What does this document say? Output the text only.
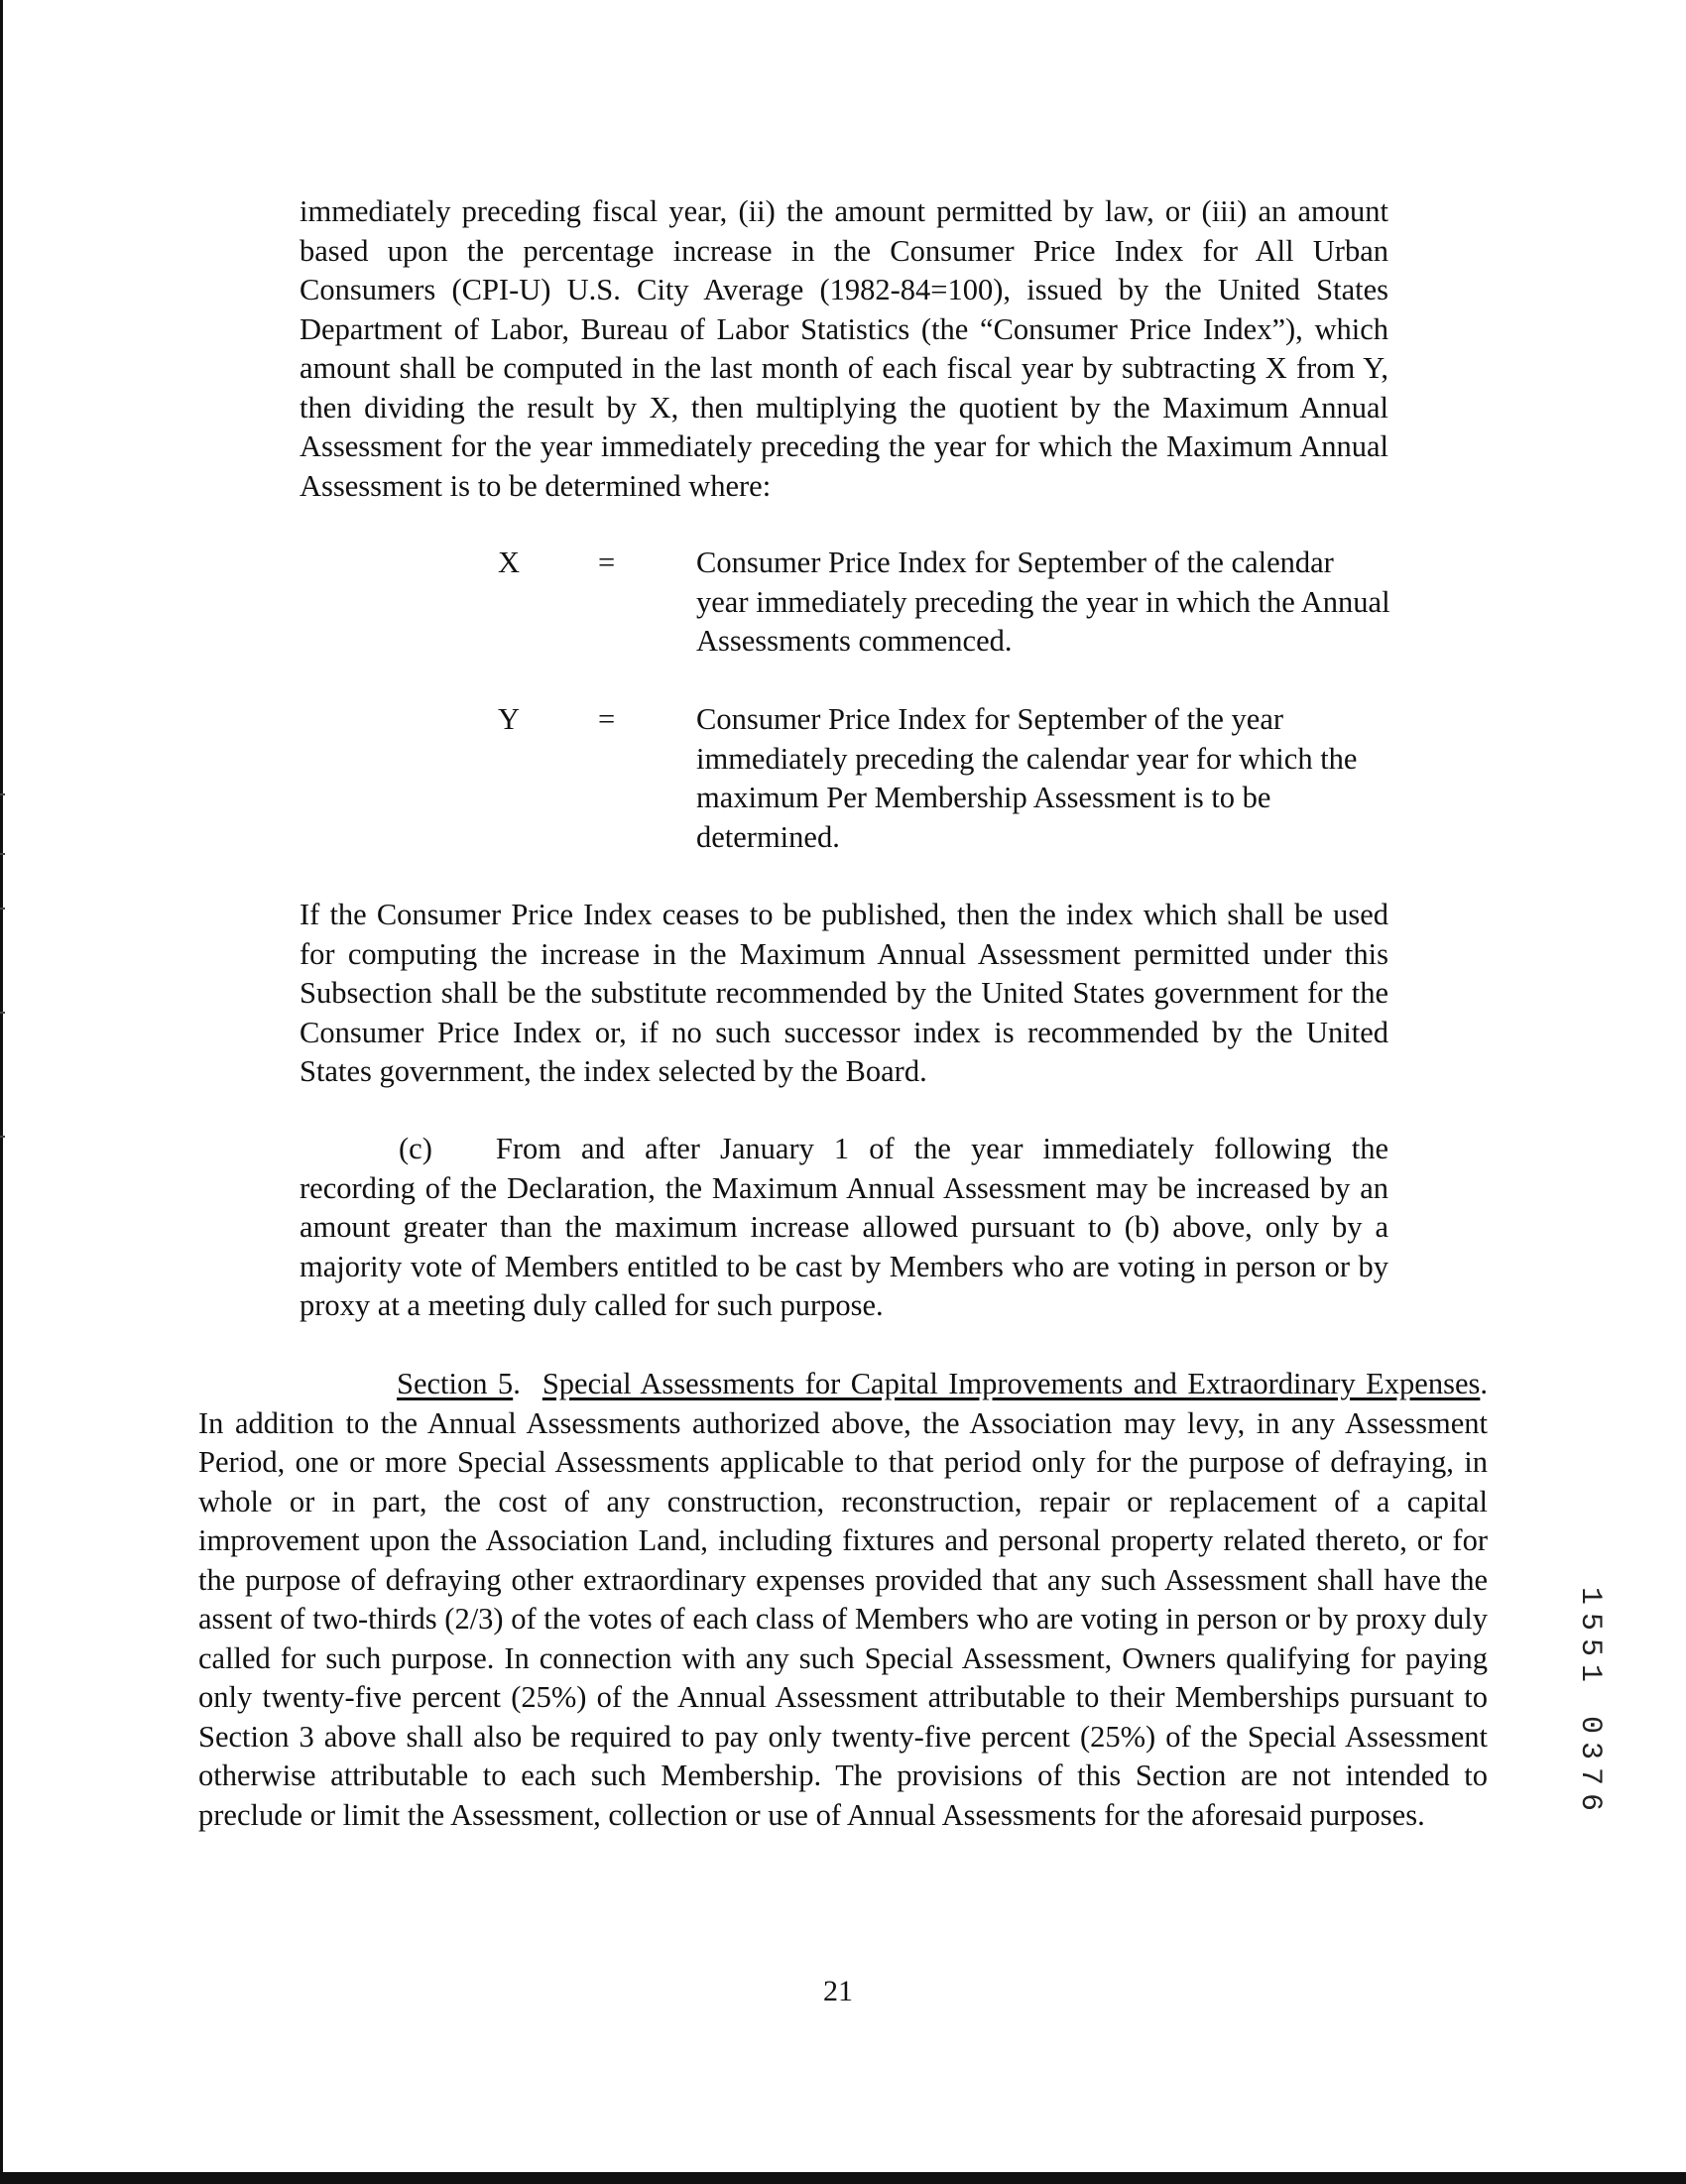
immediately preceding fiscal year, (ii) the amount permitted by law, or (iii) an amount based upon the percentage increase in the Consumer Price Index for All Urban Consumers (CPI-U) U.S. City Average (1982-84=100), issued by the United States Department of Labor, Bureau of Labor Statistics (the “Consumer Price Index”), which amount shall be computed in the last month of each fiscal year by subtracting X from Y, then dividing the result by X, then multiplying the quotient by the Maximum Annual Assessment for the year immediately preceding the year for which the Maximum Annual Assessment is to be determined where:

X	=	Consumer Price Index for September of the calendar year immediately preceding the year in which the Annual Assessments commenced.
Y	=	Consumer Price Index for September of the year immediately preceding the calendar year for which the maximum Per Membership Assessment is to be determined.

If the Consumer Price Index ceases to be published, then the index which shall be used for computing the increase in the Maximum Annual Assessment permitted under this Subsection shall be the substitute recommended by the United States government for the Consumer Price Index or, if no such successor index is recommended by the United States government, the index selected by the Board.

(c) From and after January 1 of the year immediately following the recording of the Declaration, the Maximum Annual Assessment may be increased by an amount greater than the maximum increase allowed pursuant to (b) above, only by a majority vote of Members entitled to be cast by Members who are voting in person or by proxy at a meeting duly called for such purpose.

Section 5. Special Assessments for Capital Improvements and Extraordinary Expenses. In addition to the Annual Assessments authorized above, the Association may levy, in any Assessment Period, one or more Special Assessments applicable to that period only for the purpose of defraying, in whole or in part, the cost of any construction, reconstruction, repair or replacement of a capital improvement upon the Association Land, including fixtures and personal property related thereto, or for the purpose of defraying other extraordinary expenses provided that any such Assessment shall have the assent of two-thirds (2/3) of the votes of each class of Members who are voting in person or by proxy duly called for such purpose. In connection with any such Special Assessment, Owners qualifying for paying only twenty-five percent (25%) of the Annual Assessment attributable to their Memberships pursuant to Section 3 above shall also be required to pay only twenty-five percent (25%) of the Special Assessment otherwise attributable to each such Membership. The provisions of this Section are not intended to preclude or limit the Assessment, collection or use of Annual Assessments for the aforesaid purposes.

21
1551 0376
